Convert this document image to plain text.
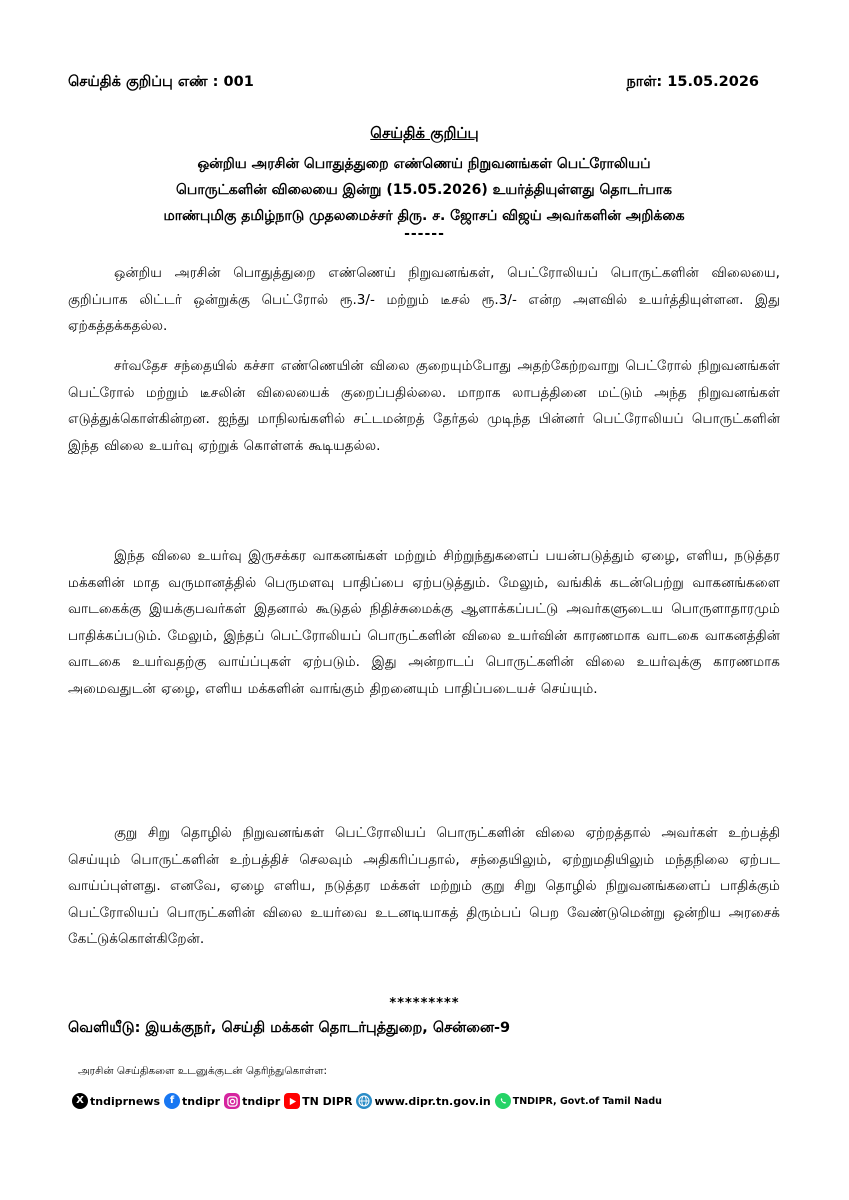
செய்திக் குறிப்பு எண் : 001	நாள்: 15.05.2026
செய்திக் குறிப்பு
ஒன்றிய அரசின் பொதுத்துறை எண்ணெய் நிறுவனங்கள் பெட்ரோலியப்
பொருட்களின் விலையை இன்று (15.05.2026) உயர்த்தியுள்ளது தொடர்பாக
மாண்புமிகு தமிழ்நாடு முதலமைச்சர் திரு. ச. ஜோசப் விஜய் அவர்களின் அறிக்கை
------

ஒன்றிய அரசின் பொதுத்துறை எண்ணெய் நிறுவனங்கள், பெட்ரோலியப் பொருட்களின் விலையை, குறிப்பாக லிட்டர் ஒன்றுக்கு பெட்ரோல் ரூ.3/- மற்றும் டீசல் ரூ.3/- என்ற அளவில் உயர்த்தியுள்ளன. இது ஏற்கத்தக்கதல்ல.

சர்வதேச சந்தையில் கச்சா எண்ணெயின் விலை குறையும்போது அதற்கேற்றவாறு பெட்ரோல் நிறுவனங்கள் பெட்ரோல் மற்றும் டீசலின் விலையைக் குறைப்பதில்லை. மாறாக லாபத்தினை மட்டும் அந்த நிறுவனங்கள் எடுத்துக்கொள்கின்றன. ஐந்து மாநிலங்களில் சட்டமன்றத் தேர்தல் முடிந்த பின்னர் பெட்ரோலியப் பொருட்களின் இந்த விலை உயர்வு ஏற்றுக் கொள்ளக் கூடியதல்ல.

இந்த விலை உயர்வு இருசக்கர வாகனங்கள் மற்றும் சிற்றுந்துகளைப் பயன்படுத்தும் ஏழை, எளிய, நடுத்தர மக்களின் மாத வருமானத்தில் பெருமளவு பாதிப்பை ஏற்படுத்தும். மேலும், வங்கிக் கடன்பெற்று வாகனங்களை வாடகைக்கு இயக்குபவர்கள் இதனால் கூடுதல் நிதிச்சுமைக்கு ஆளாக்கப்பட்டு அவர்களுடைய பொருளாதாரமும் பாதிக்கப்படும். மேலும், இந்தப் பெட்ரோலியப் பொருட்களின் விலை உயர்வின் காரணமாக வாடகை வாகனத்தின் வாடகை உயர்வதற்கு வாய்ப்புகள் ஏற்படும். இது அன்றாடப் பொருட்களின் விலை உயர்வுக்கு காரணமாக அமைவதுடன் ஏழை, எளிய மக்களின் வாங்கும் திறனையும் பாதிப்படையச் செய்யும்.

குறு சிறு தொழில் நிறுவனங்கள் பெட்ரோலியப் பொருட்களின் விலை ஏற்றத்தால் அவர்கள் உற்பத்தி செய்யும் பொருட்களின் உற்பத்திச் செலவும் அதிகரிப்பதால், சந்தையிலும், ஏற்றுமதியிலும் மந்தநிலை ஏற்பட வாய்ப்புள்ளது. எனவே, ஏழை எளிய, நடுத்தர மக்கள் மற்றும் குறு சிறு தொழில் நிறுவனங்களைப் பாதிக்கும் பெட்ரோலியப் பொருட்களின் விலை உயர்வை உடனடியாகத் திரும்பப் பெற வேண்டுமென்று ஒன்றிய அரசைக் கேட்டுக்கொள்கிறேன்.

*********
வெளியீடு: இயக்குநர், செய்தி மக்கள் தொடர்புத்துறை, சென்னை-9
அரசின் செய்திகளை உடனுக்குடன் தெரிந்துகொள்ள:
X tndiprnews f tndipr tndipr TN DIPR www.dipr.tn.gov.in TNDIPR, Govt.of Tamil Nadu
